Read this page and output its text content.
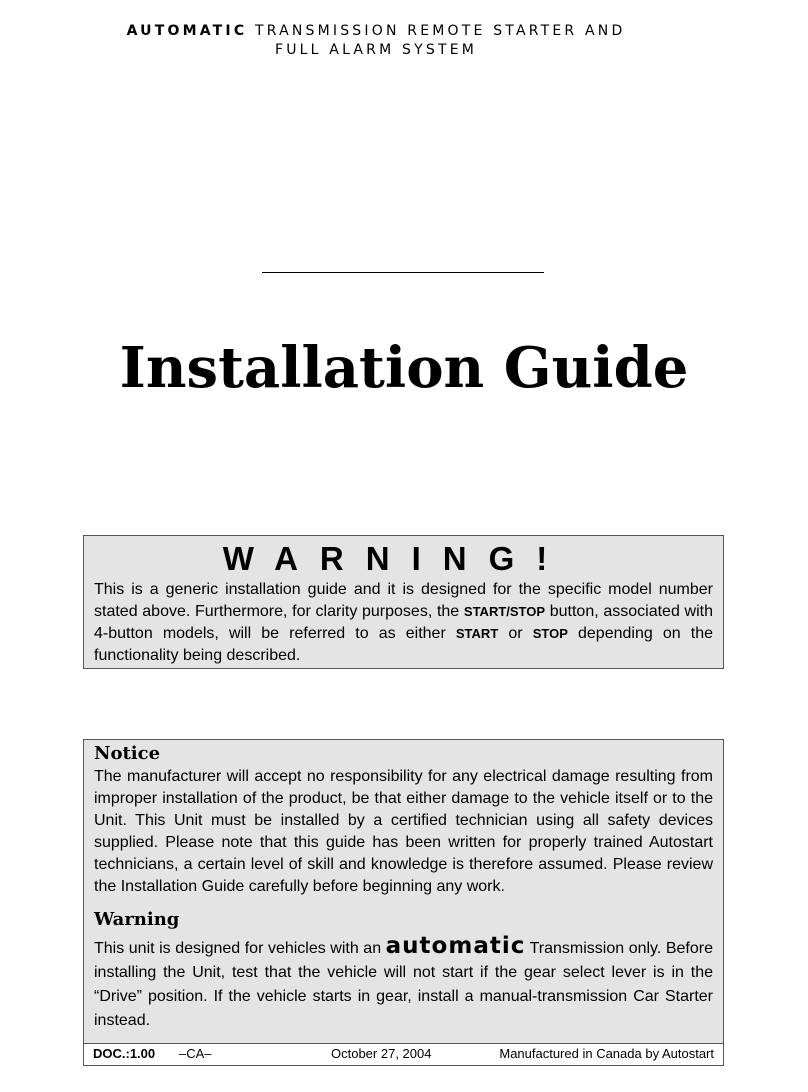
AUTOMATIC TRANSMISSION REMOTE STARTER AND
FULL ALARM SYSTEM
Installation Guide
WARNING!
This is a generic installation guide and it is designed for the specific model number stated above. Furthermore, for clarity purposes, the START/STOP button, associated with 4-button models, will be referred to as either START or STOP depending on the functionality being described.
Notice
The manufacturer will accept no responsibility for any electrical damage resulting from improper installation of the product, be that either damage to the vehicle itself or to the Unit. This Unit must be installed by a certified technician using all safety devices supplied. Please note that this guide has been written for properly trained Autostart technicians, a certain level of skill and knowledge is therefore assumed. Please review the Installation Guide carefully before beginning any work.
Warning
This unit is designed for vehicles with an automatic Transmission only. Before installing the Unit, test that the vehicle will not start if the gear select lever is in the “Drive” position. If the vehicle starts in gear, install a manual-transmission Car Starter instead.
DOC.:1.00 –CA–	October 27, 2004	Manufactured in Canada by Autostart
